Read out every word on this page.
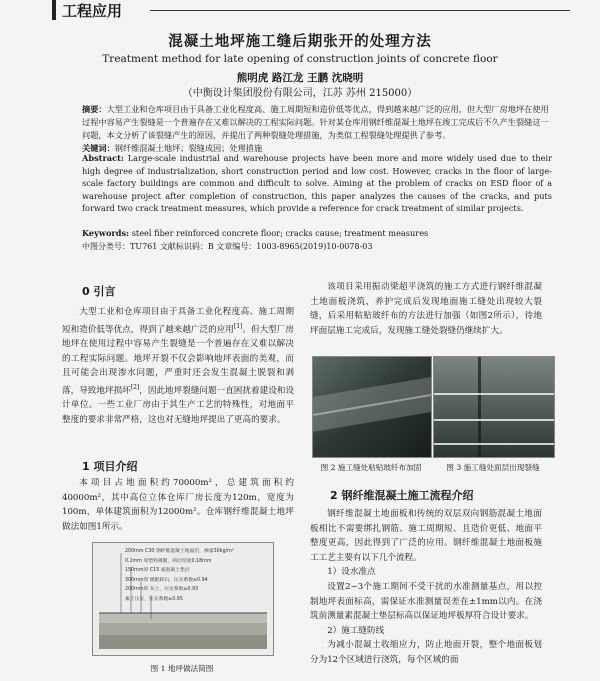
工程应用
混凝土地坪施工缝后期张开的处理方法
Treatment method for late opening of construction joints of concrete floor
熊明虎 路江龙 王鹏 沈晓明
（中衡设计集团股份有限公司，江苏 苏州 215000）
摘要：大型工业和仓库项目由于具备工业化程度高、施工周期短和造价低等优点，得到越来越广泛的应用，但大型厂房地坪在使用过程中容易产生裂缝是一个普遍存在又难以解决的工程实际问题。针对某仓库用钢纤维混凝土地坪在竣工完成后不久产生裂缝这一问题，本文分析了该裂缝产生的原因，并提出了两种裂缝处理措施，为类似工程裂缝处理提供了参考。
关键词：钢纤维混凝土地坪；裂缝成因；处理措施
Abstract: Large-scale industrial and warehouse projects have been more and more widely used due to their high degree of industrialization, short construction period and low cost. However, cracks in the floor of large-scale factory buildings are common and difficult to solve. Aiming at the problem of cracks on ESD floor of a warehouse project after completion of construction, this paper analyzes the causes of the cracks, and puts forward two crack treatment measures, which provide a reference for crack treatment of similar projects.
Keywords: steel fiber reinforced concrete floor; cracks cause; treatment measures
中图分类号：TU761 文献标识码：B 文章编号：1003-8965(2019)10-0078-03
0 引言

大型工业和仓库项目由于具备工业化程度高、施工周期短和造价低等优点，得到了越来越广泛的应用[1]。但大型厂房地坪在使用过程中容易产生裂缝是一个普遍存在又难以解决的工程实际问题。地坪开裂不仅会影响地坪表面的美观，而且可能会出现渗水问题，严重时还会发生混凝土脱裂和剥落，导致地坪损坏[2]，因此地坪裂缝问题一直困扰着建设和设计单位。一些工业厂房由于其生产工艺的特殊性，对地面平整度的要求非常严格，这也对无缝地坪提出了更高的要求。

1 项目介绍

本项目占地面积约70000m²，总建筑面积约40000m²，其中高位立体仓库厂房长度为120m，宽度为100m，单体建筑面积为12000m²。仓库钢纤维混凝土地坪做法如图1所示。

200mm C30 钢纤维混凝土地面层，掺量30kg/m³
0.2mm 厚塑料薄膜，两层厚度0.18mm
150mm厚 C15 素混凝土垫层
300mm厚 级配碎石，压实系数≥0.94
200mm厚 灰土，压实系数≥0.93
素土压实，压实系数≥0.95
图 1 地坪做法简图

该项目采用振动梁超平浇筑的施工方式进行钢纤维混凝土地面板浇筑，养护完成后发现地面施工缝处出现较大裂缝，后采用粘贴玻纤布的方法进行加强（如图2所示），待地坪面层施工完成后，发现施工缝处裂缝仍继续扩大。

图 2 施工缝处粘贴玻纤布加固	图 3 施工缝处面层出现裂缝
2 钢纤维混凝土施工流程介绍

钢纤维混凝土地面板和传统的双层双向钢筋混凝土地面板相比不需要绑扎钢筋、施工周期短、且造价更低、地面平整度更高，因此得到了广泛的应用。钢纤维混凝土地面板施工工艺主要有以下几个流程。

1）设水准点

设置2~3个施工期间不受干扰的水准测量基点，用以控制地坪表面标高，需保证水准测量误差在±1mm以内。在浇筑前测量素混凝土垫层标高以保证地坪板厚符合设计要求。

2）施工缝防线

为减小混凝土收缩应力，防止地面开裂，整个地面板划分为12个区域进行浇筑，每个区域的面
